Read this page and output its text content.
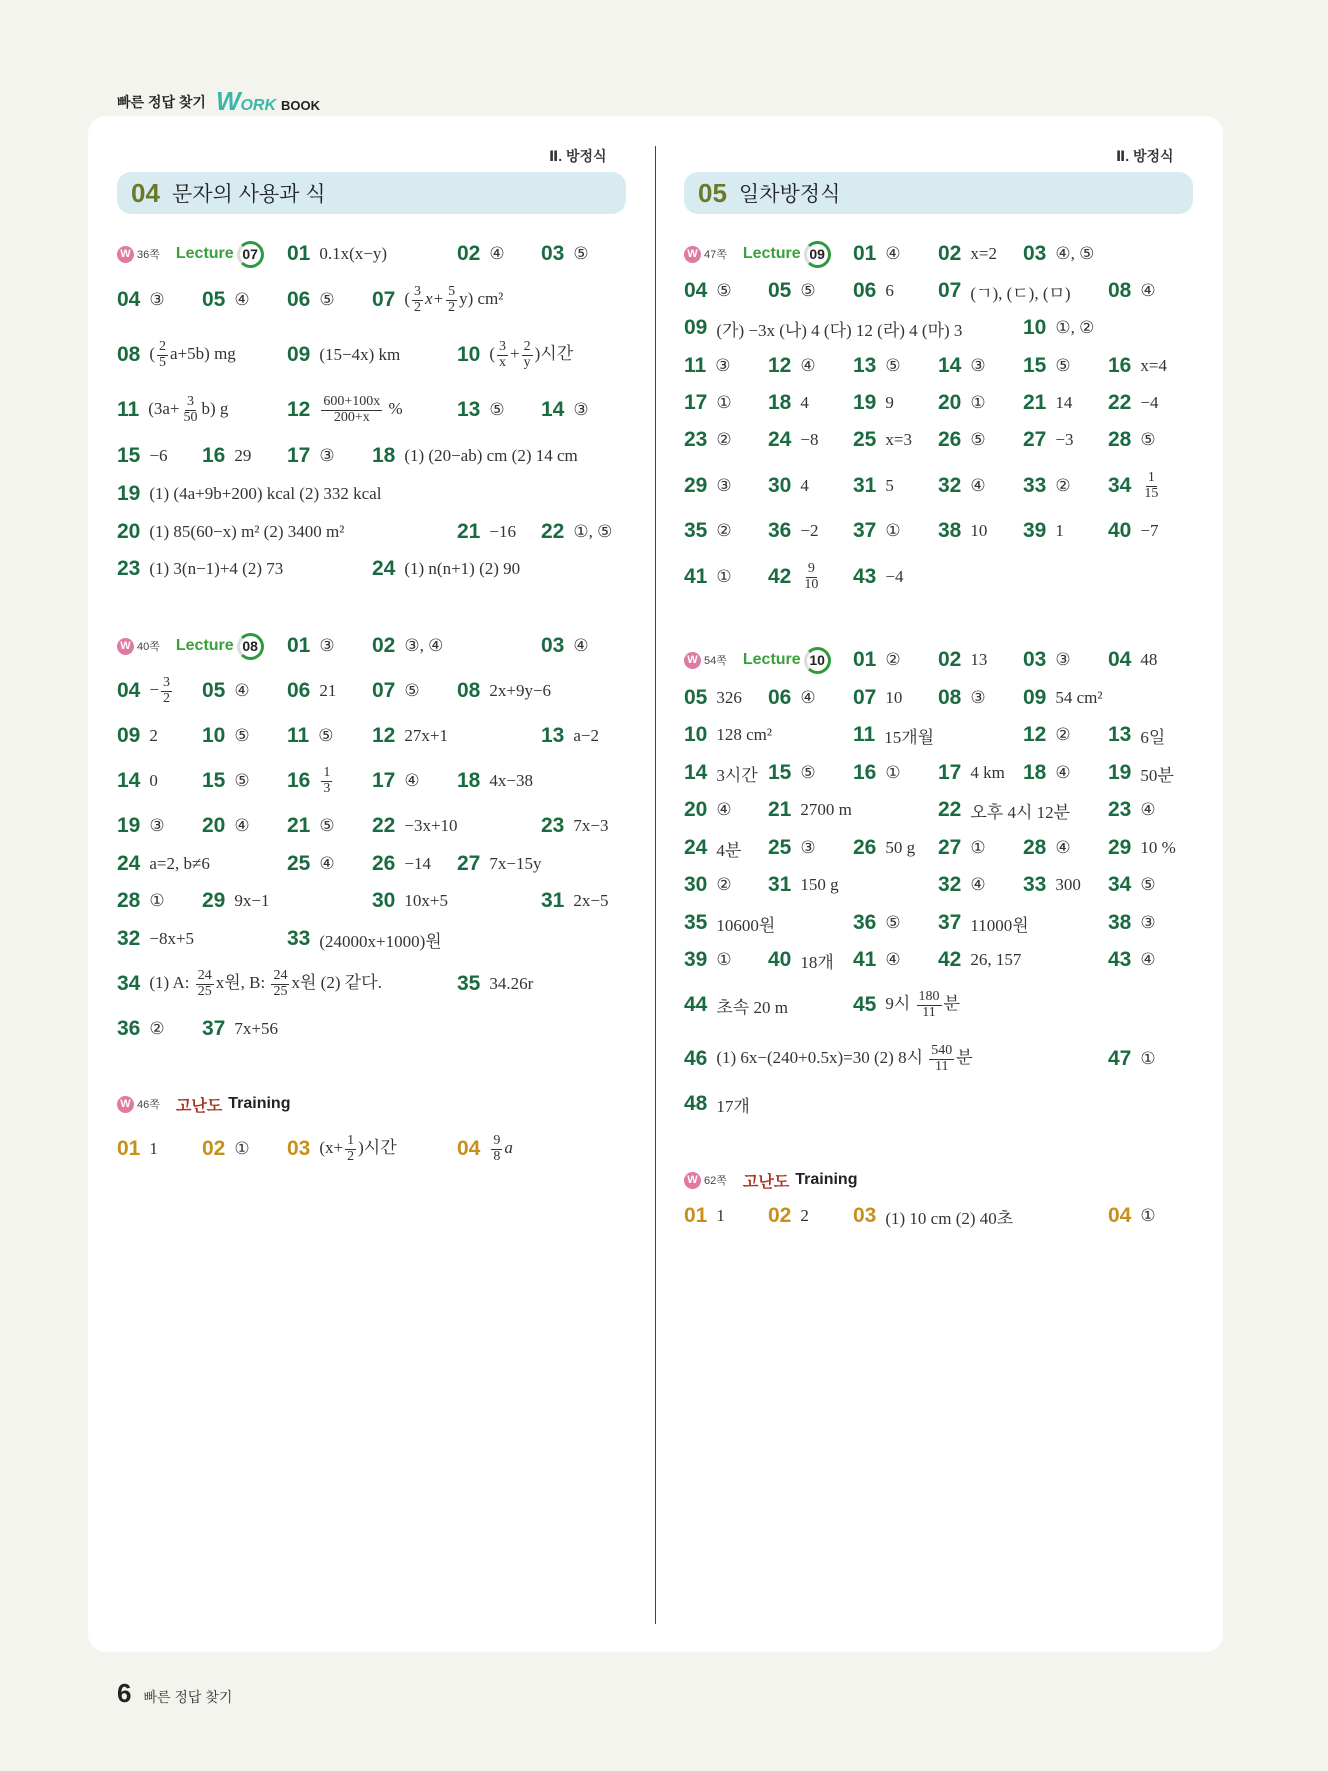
빠른 정답 찾기 W ORK BOOK
Ⅱ. 방정식
04 문자의 사용과 식
W 36쪽 Lecture 07 01 0.1x(x−y)	02 ④ 03 ⑤
04 ③ 05 ④ 06 ⑤ 07 ( $\frac{3}{2} x+ \frac{5}{2} y$) cm²
08 ( $\frac{2}{5} a+5b$) mg 09 (15−4x) km	10 ( $\frac{3}{x} + \frac{2}{y}$ )시간
11 $(3a+ \frac{3}{50} b)$ g	$12 \frac{600+100x}{200+x}$ %	13 ⑤ 14 ③
15 −6 16 29 17 ③ 18 (1) (20−ab) cm (2) 14 cm
19 (1) (4a+9b+200) kcal (2) 332 kcal
20 (1) 85(60−x) m² (2) 3400 m²	21 −16 22 ①, ⑤
23 (1) 3(n−1)+4 (2) 73	24 (1) n(n+1) (2) 90
W 40쪽 Lecture 08 01 ③ 02 ③, ④	03 ④
$04 - \frac{3}{2} 05$ ④ 06 21 07 ⑤ 08 2x+9y−6
09 2 10 ⑤ 11 ⑤ 12 27x+1	13 a−2
14 0 15 ⑤ $16 \frac{1}{3} 17$ ④ 18 4x−38
19 ③ 20 ④ 21 ⑤ 22 −3x+10	23 7x−3
24 a=2, b≠6	25 ④ 26 −14 27 7x−15y
28 ① 29 9x−1	30 10x+5	31 2x−5
32 −8x+5	33 (24000x+1000)원
34 (1) A: $\frac{24}{25}$ x원, B: $\frac{24}{25}$ x원 (2) 같다.	35 34.26r
36 ② 37 7x+56
W 46쪽 고난도 Training
01 1 02 ① 03 ($x+ \frac{1}{2}$ )시간	$04 \frac{9}{8}$ a
Ⅱ. 방정식
05 일차방정식
W 47쪽 Lecture 09 01 ④ 02 x=2 03 ④, ⑤
04 ⑤ 05 ⑤ 06 6 07 (ㄱ), (ㄷ), (ㅁ) 08 ④
09 (가) −3x (나) 4 (다) 12 (라) 4 (마) 3	10 ①, ②
11 ③ 12 ④ 13 ⑤ 14 ③ 15 ⑤ 16 x=4
17 ① 18 4 19 9 20 ① 21 14 22 −4
23 ② 24 −8 25 x=3 26 ⑤ 27 −3 28 ⑤
29 ③ 30 4 31 5 32 ④ 33 ② $34 \frac{1}{15}$
35 ② 36 −2 37 ① 38 10 39 1 40 −7
41 ① $42 \frac{9}{10} 43 -4$
W 54쪽 Lecture 10 01 ② 02 13 03 ③ 04 48
05 326 06 ④ 07 10 08 ③ 09 54 cm²
10 128 cm²	11 15개월	12 ② 13 6일
14 3시간 15 ⑤ 16 ① 17 4 km 18 ④ 19 50분
20 ④ 21 2700 m	22 오후 4시 12분 23 ④
24 4분 25 ③ 26 50 g 27 ① 28 ④ 29 10 %
30 ② 31 150 g	32 ④ 33 300 34 ⑤
35 10600원	36 ⑤ 37 11000원	38 ③
39 ① 40 18개 41 ④ 42 26, 157	43 ④
44 초속 20 m	45 9시 $\frac{180}{11}$ 분
46 (1) 6x−(240+0.5x)=30 (2) 8시 $\frac{540}{11}$ 분	47 ①
48 17개
W 62쪽 고난도 Training
01 1 02 2 03 (1) 10 cm (2) 40초	04 ①
6 빠른 정답 찾기
